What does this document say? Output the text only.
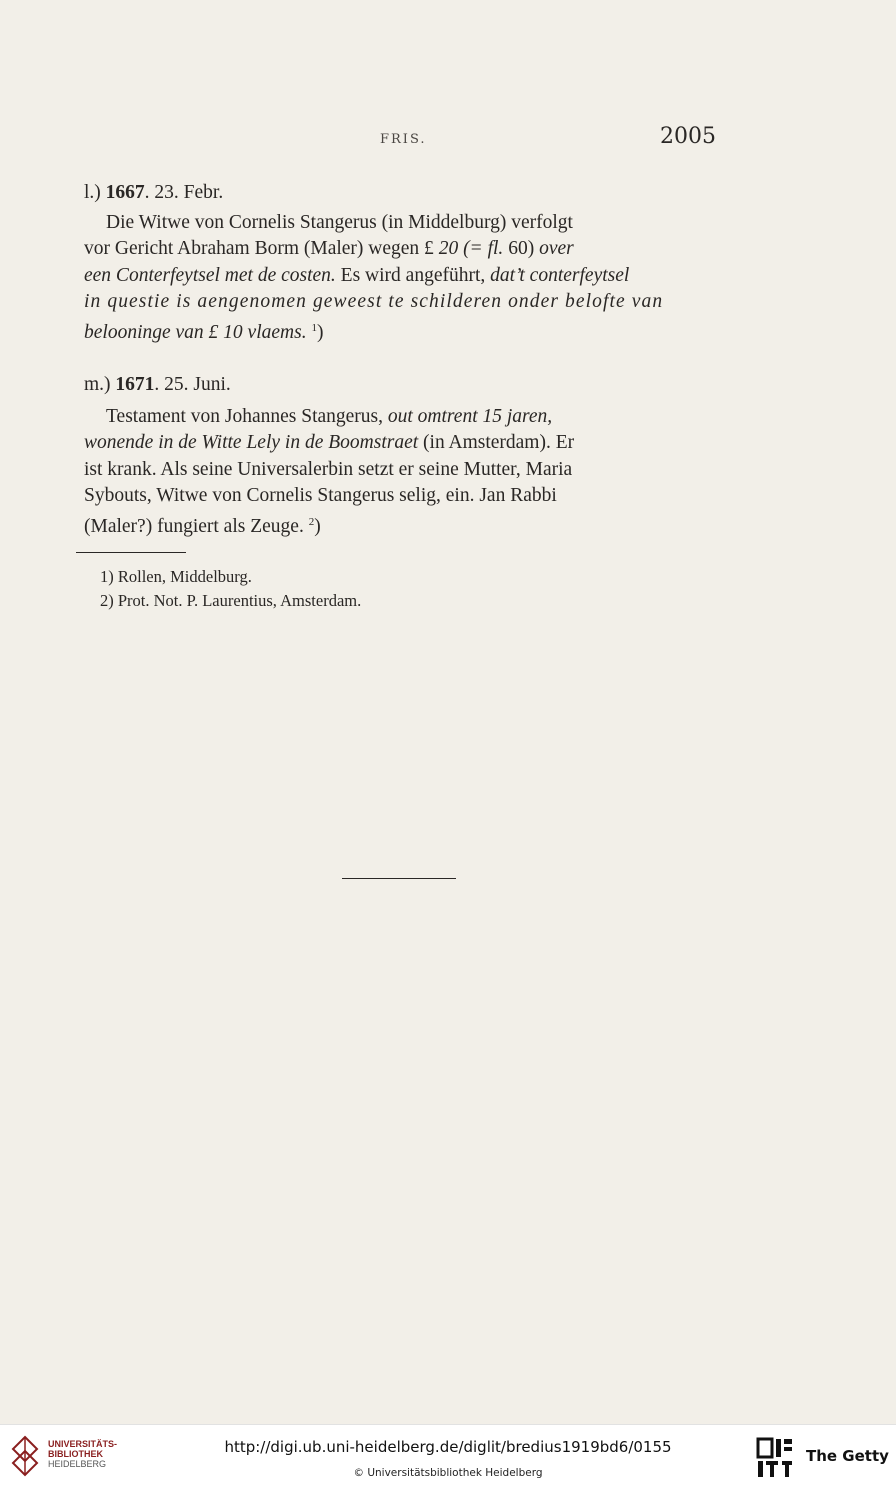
FRIS.	2005
l.) 1667. 23. Febr.
Die Witwe von Cornelis Stangerus (in Middelburg) verfolgt
vor Gericht Abraham Borm (Maler) wegen £ 20 (= fl. 60) over
een Conterfeytsel met de costen. Es wird angeführt, dat’t conterfeytsel
in questie is aengenomen geweest te schilderen onder belofte van
belooninge van £ 10 vlaems. $^1$)
m.) 1671. 25. Juni.
Testament von Johannes Stangerus, out omtrent 15 jaren,
wonende in de Witte Lely in de Boomstraet (in Amsterdam). Er
ist krank. Als seine Universalerbin setzt er seine Mutter, Maria
Sybouts, Witwe von Cornelis Stangerus selig, ein. Jan Rabbi
(Maler?) fungiert als Zeuge. $^2$)
1) Rollen, Middelburg.
2) Prot. Not. P. Laurentius, Amsterdam.
UNIVERSITÄTS-
BIBLIOTHEK
HEIDELBERG
http://digi.ub.uni-heidelberg.de/diglit/bredius1919bd6/0155
© Universitätsbibliothek Heidelberg
The Getty
